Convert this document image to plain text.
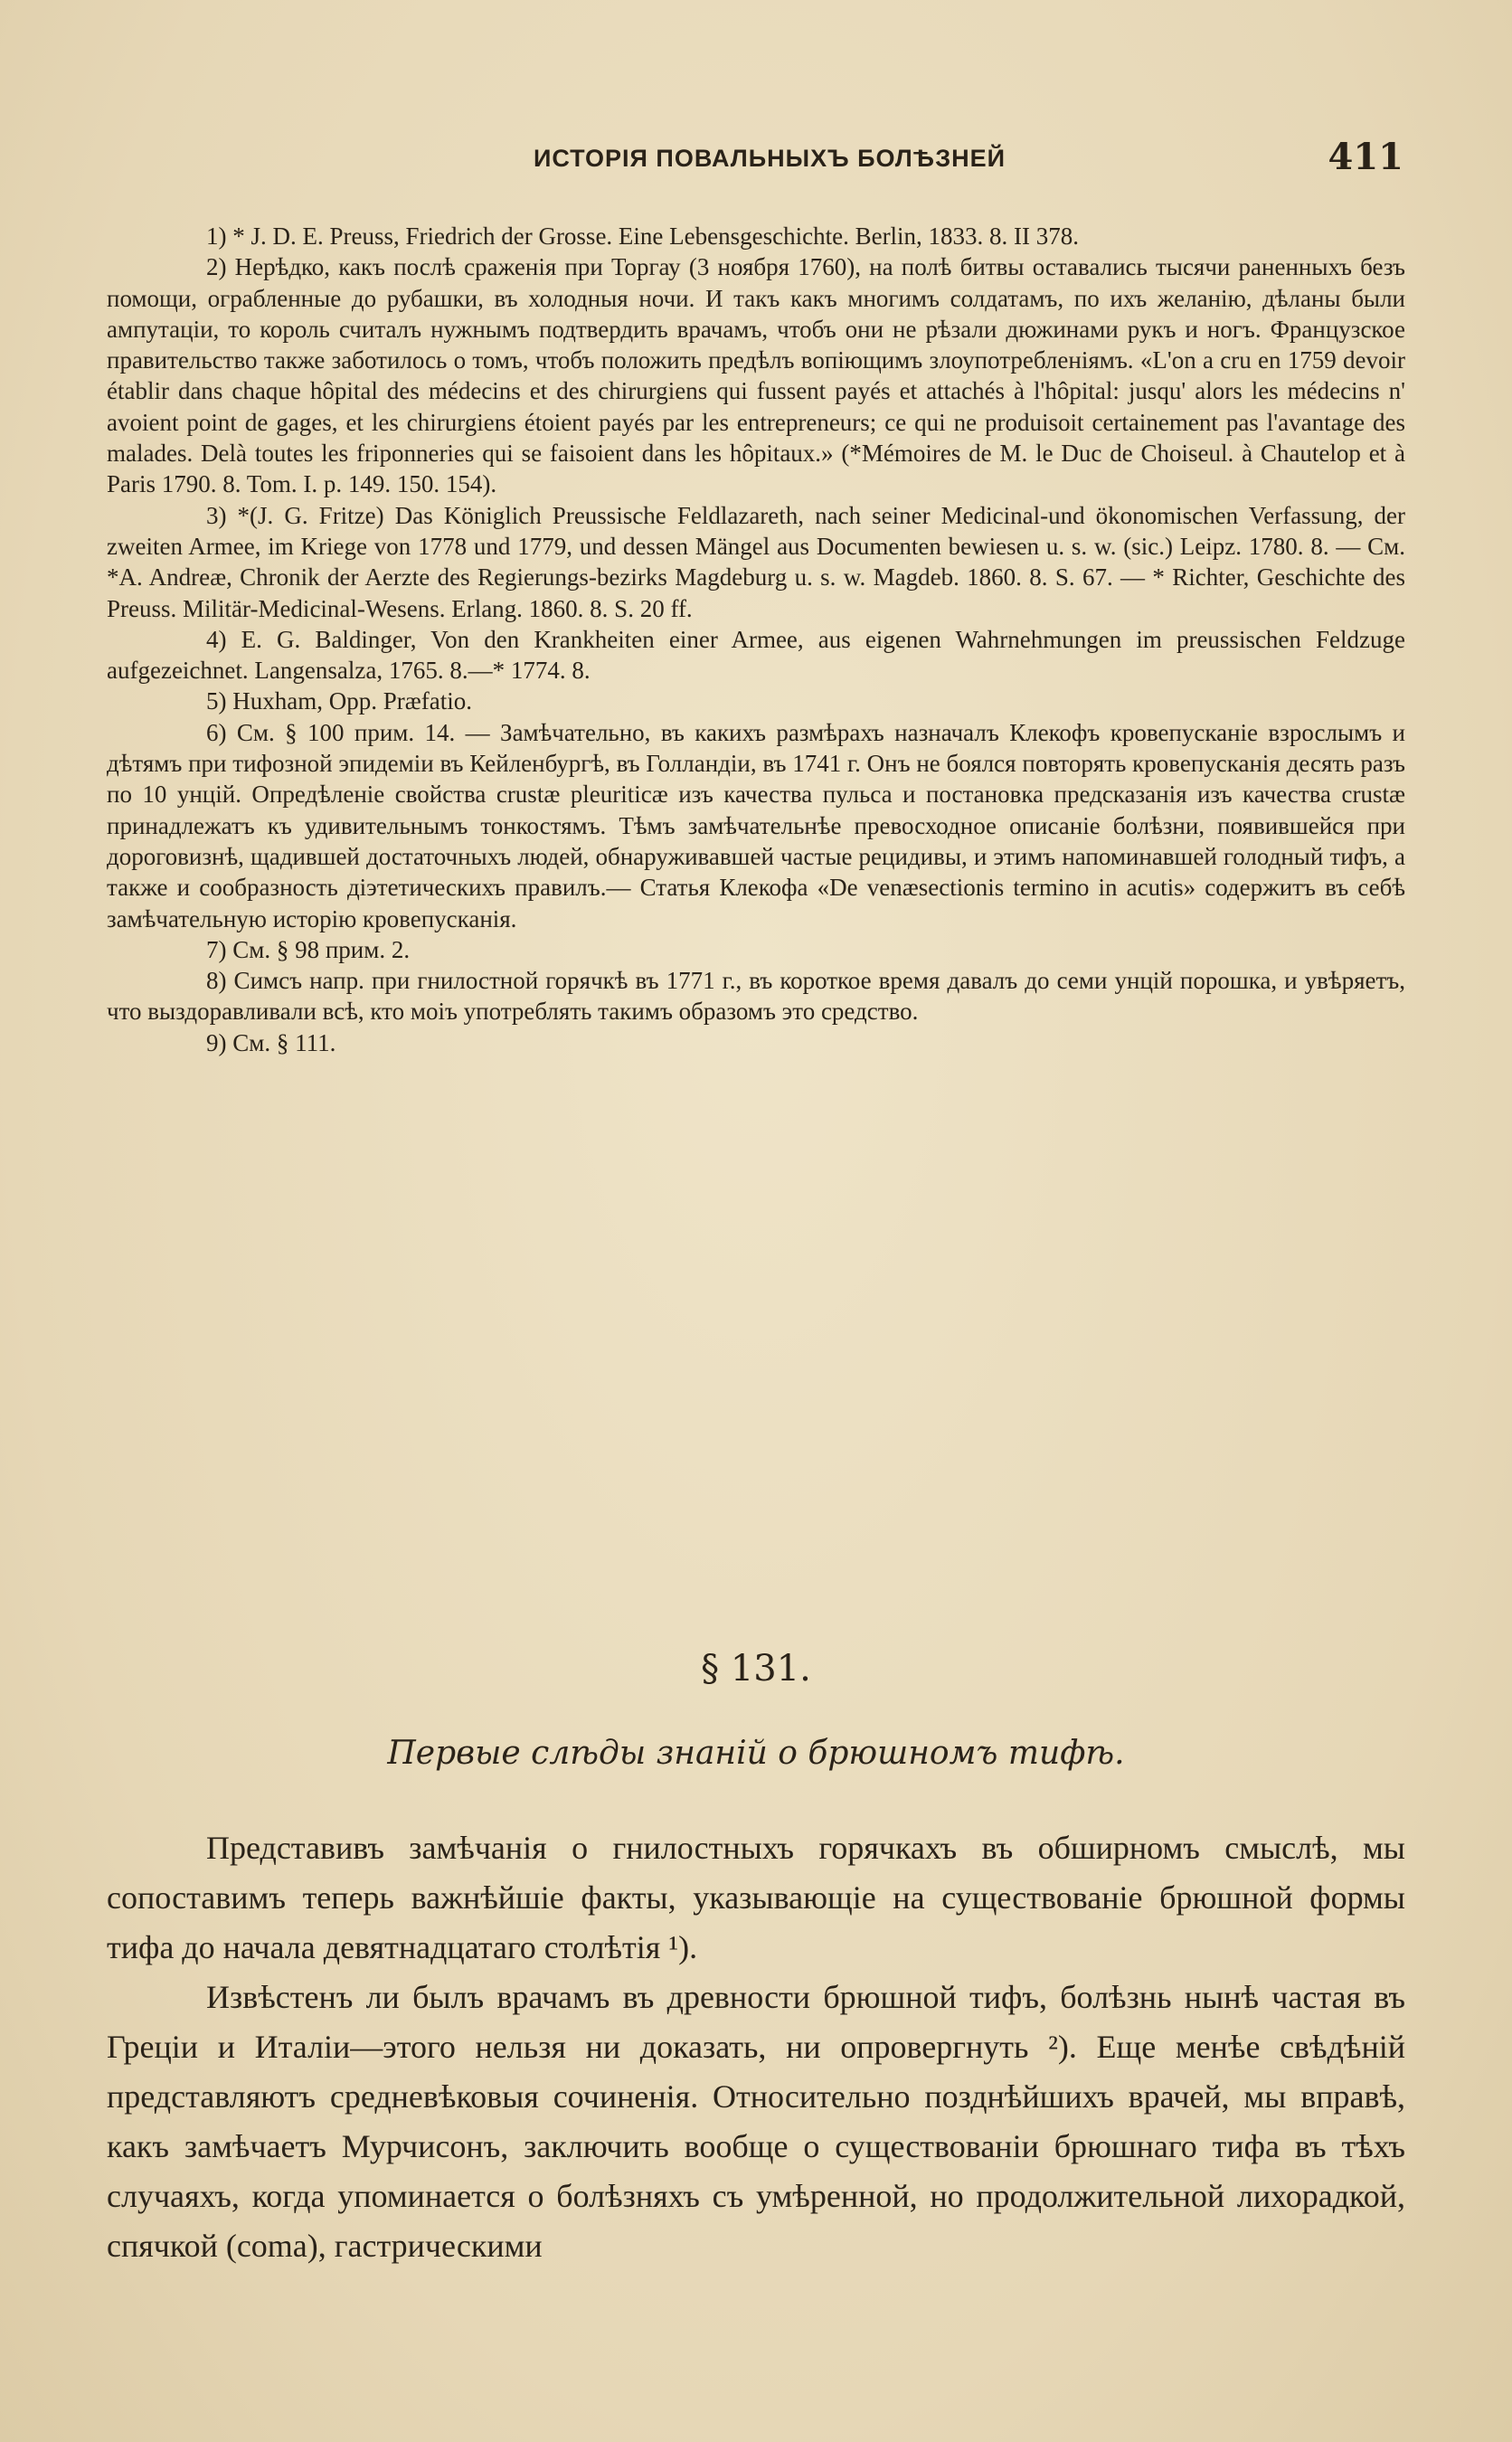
ИСТОРІЯ ПОВАЛЬНЫХЪ БОЛѢЗНЕЙ	411

1) * J. D. E. Preuss, Friedrich der Grosse. Eine Lebensgeschichte. Berlin, 1833. 8. II 378.

2) Нерѣдко, какъ послѣ сраженія при Торгау (3 ноября 1760), на полѣ битвы оставались тысячи раненныхъ безъ помощи, ограбленные до рубашки, въ холодныя ночи. И такъ какъ многимъ солдатамъ, по ихъ желанію, дѣланы были ампутаціи, то король считалъ нужнымъ подтвердить врачамъ, чтобъ они не рѣзали дюжинами рукъ и ногъ. Французское правительство также заботилось о томъ, чтобъ положить предѣлъ вопіющимъ злоупотребленіямъ. «L'on a cru en 1759 devoir établir dans chaque hôpital des médecins et des chirurgiens qui fussent payés et attachés à l'hôpital: jusqu' alors les médecins n' avoient point de gages, et les chirurgiens étoient payés par les entrepreneurs; ce qui ne produisoit certainement pas l'avantage des malades. Delà toutes les friponneries qui se faisoient dans les hôpitaux.» (*Mémoires de M. le Duc de Choiseul. à Chautelop et à Paris 1790. 8. Tom. I. p. 149. 150. 154).

3) *(J. G. Fritze) Das Königlich Preussische Feldlazareth, nach seiner Medicinal-und ökonomischen Verfassung, der zweiten Armee, im Kriege von 1778 und 1779, und dessen Mängel aus Documenten bewiesen u. s. w. (sic.) Leipz. 1780. 8. — См. *A. Andreæ, Chronik der Aerzte des Regierungs-bezirks Magdeburg u. s. w. Magdeb. 1860. 8. S. 67. — * Richter, Geschichte des Preuss. Militär-Medicinal-Wesens. Erlang. 1860. 8. S. 20 ff.

4) E. G. Baldinger, Von den Krankheiten einer Armee, aus eigenen Wahrnehmungen im preussischen Feldzuge aufgezeichnet. Langensalza, 1765. 8.—* 1774. 8.

5) Huxham, Opp. Præfatio.

6) См. § 100 прим. 14. — Замѣчательно, въ какихъ размѣрахъ назначалъ Клекофъ кровепусканіе взрослымъ и дѣтямъ при тифозной эпидеміи въ Кейленбургѣ, въ Голландіи, въ 1741 г. Онъ не боялся повторять кровепусканія десять разъ по 10 унцій. Опредѣленіе свойства crustæ pleuriticæ изъ качества пульса и постановка предсказанія изъ качества crustæ принадлежатъ къ удивительнымъ тонкостямъ. Тѣмъ замѣчательнѣе превосходное описаніе болѣзни, появившейся при дороговизнѣ, щадившей достаточныхъ людей, обнаруживавшей частые рецидивы, и этимъ напоминавшей голодный тифъ, а также и сообразность діэтетическихъ правилъ.— Статья Клекофа «De venæsectionis termino in acutis» содержитъ въ себѣ замѣчательную исторію кровепусканія.

7) См. § 98 прим. 2.

8) Симсъ напр. при гнилостной горячкѣ въ 1771 г., въ короткое время давалъ до семи унцій порошка, и увѣряетъ, что выздоравливали всѣ, кто моіъ употреблять такимъ образомъ это средство.

9) См. § 111.

§ 131.
Первые слѣды знаній о брюшномъ тифѣ.

Представивъ замѣчанія о гнилостныхъ горячкахъ въ обширномъ смыслѣ, мы сопоставимъ теперь важнѣйшіе факты, указывающіе на существованіе брюшной формы тифа до начала девятнадцатаго столѣтія ¹).

Извѣстенъ ли былъ врачамъ въ древности брюшной тифъ, болѣзнь нынѣ частая въ Греціи и Италіи—этого нельзя ни доказать, ни опровергнуть ²). Еще менѣе свѣдѣній представляютъ средневѣковыя сочиненія. Относительно позднѣйшихъ врачей, мы вправѣ, какъ замѣчаетъ Мурчисонъ, заключить вообще о существованіи брюшнаго тифа въ тѣхъ случаяхъ, когда упоминается о болѣзняхъ съ умѣренной, но продолжительной лихорадкой, спячкой (coma), гастрическими
